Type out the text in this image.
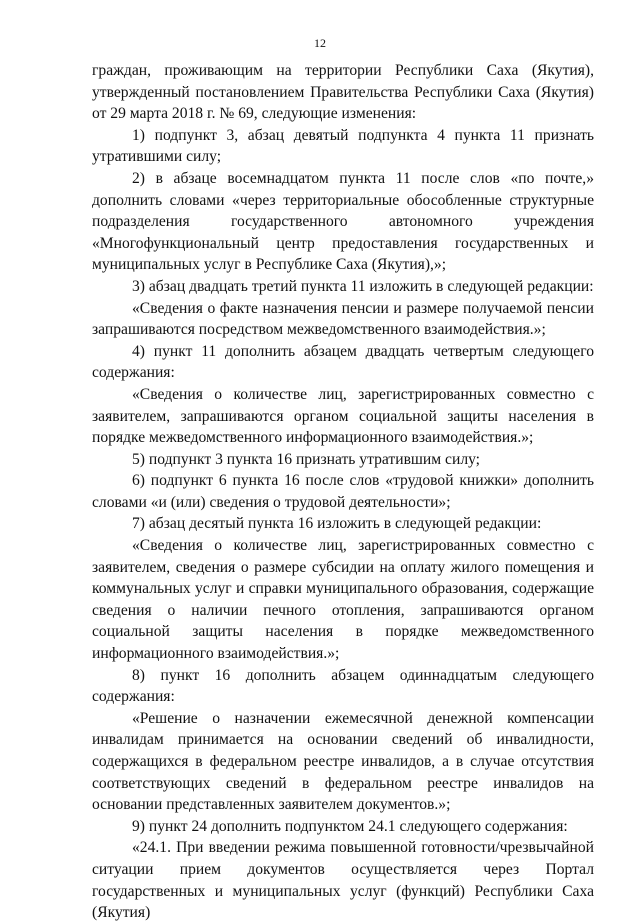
12

граждан, проживающим на территории Республики Саха (Якутия), утвержденный постановлением Правительства Республики Саха (Якутия) от 29 марта 2018 г. № 69, следующие изменения:

1) подпункт 3, абзац девятый подпункта 4 пункта 11 признать утратившими силу;

2) в абзаце восемнадцатом пункта 11 после слов «по почте,» дополнить словами «через территориальные обособленные структурные подразделения государственного автономного учреждения «Многофункциональный центр предоставления государственных и муниципальных услуг в Республике Саха (Якутия),»;

3) абзац двадцать третий пункта 11 изложить в следующей редакции:

«Сведения о факте назначения пенсии и размере получаемой пенсии запрашиваются посредством межведомственного взаимодействия.»;

4) пункт 11 дополнить абзацем двадцать четвертым следующего содержания:

«Сведения о количестве лиц, зарегистрированных совместно с заявителем, запрашиваются органом социальной защиты населения в порядке межведомственного информационного взаимодействия.»;

5) подпункт 3 пункта 16 признать утратившим силу;

6) подпункт 6 пункта 16 после слов «трудовой книжки» дополнить словами «и (или) сведения о трудовой деятельности»;

7) абзац десятый пункта 16 изложить в следующей редакции:

«Сведения о количестве лиц, зарегистрированных совместно с заявителем, сведения о размере субсидии на оплату жилого помещения и коммунальных услуг и справки муниципального образования, содержащие сведения о наличии печного отопления, запрашиваются органом социальной защиты населения в порядке межведомственного информационного взаимодействия.»;

8) пункт 16 дополнить абзацем одиннадцатым следующего содержания:

«Решение о назначении ежемесячной денежной компенсации инвалидам принимается на основании сведений об инвалидности, содержащихся в федеральном реестре инвалидов, а в случае отсутствия соответствующих сведений в федеральном реестре инвалидов на основании представленных заявителем документов.»;

9) пункт 24 дополнить подпунктом 24.1 следующего содержания:

«24.1. При введении режима повышенной готовности/чрезвычайной ситуации прием документов осуществляется через Портал государственных и муниципальных услуг (функций) Республики Саха (Якутия)
